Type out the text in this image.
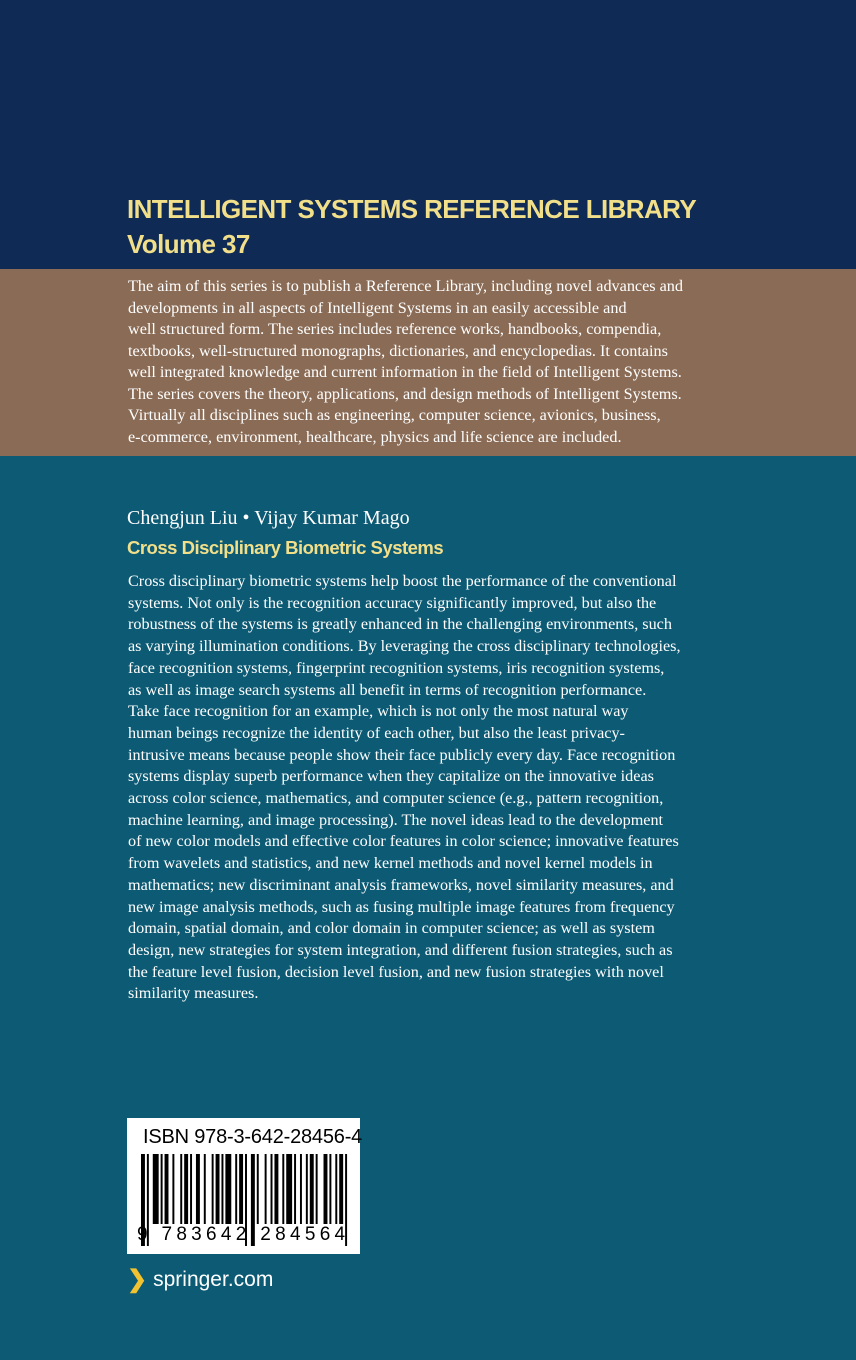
INTELLIGENT SYSTEMS REFERENCE LIBRARY
Volume 37
The aim of this series is to publish a Reference Library, including novel advances and
developments in all aspects of Intelligent Systems in an easily accessible and
well structured form. The series includes reference works, handbooks, compendia,
textbooks, well-structured monographs, dictionaries, and encyclopedias. It contains
well integrated knowledge and current information in the field of Intelligent Systems.
The series covers the theory, applications, and design methods of Intelligent Systems.
Virtually all disciplines such as engineering, computer science, avionics, business,
e-commerce, environment, healthcare, physics and life science are included.
Chengjun Liu • Vijay Kumar Mago
Cross Disciplinary Biometric Systems
Cross disciplinary biometric systems help boost the performance of the conventional
systems. Not only is the recognition accuracy significantly improved, but also the
robustness of the systems is greatly enhanced in the challenging environments, such
as varying illumination conditions. By leveraging the cross disciplinary technologies,
face recognition systems, fingerprint recognition systems, iris recognition systems,
as well as image search systems all benefit in terms of recognition performance.
Take face recognition for an example, which is not only the most natural way
human beings recognize the identity of each other, but also the least privacy-
intrusive means because people show their face publicly every day. Face recognition
systems display superb performance when they capitalize on the innovative ideas
across color science, mathematics, and computer science (e.g., pattern recognition,
machine learning, and image processing). The novel ideas lead to the development
of new color models and effective color features in color science; innovative features
from wavelets and statistics, and new kernel methods and novel kernel models in
mathematics; new discriminant analysis frameworks, novel similarity measures, and
new image analysis methods, such as fusing multiple image features from frequency
domain, spatial domain, and color domain in computer science; as well as system
design, new strategies for system integration, and different fusion strategies, such as
the feature level fusion, decision level fusion, and new fusion strategies with novel
similarity measures.
ISBN 978-3-642-28456-4
9 783642 284564
❯ springer.com
